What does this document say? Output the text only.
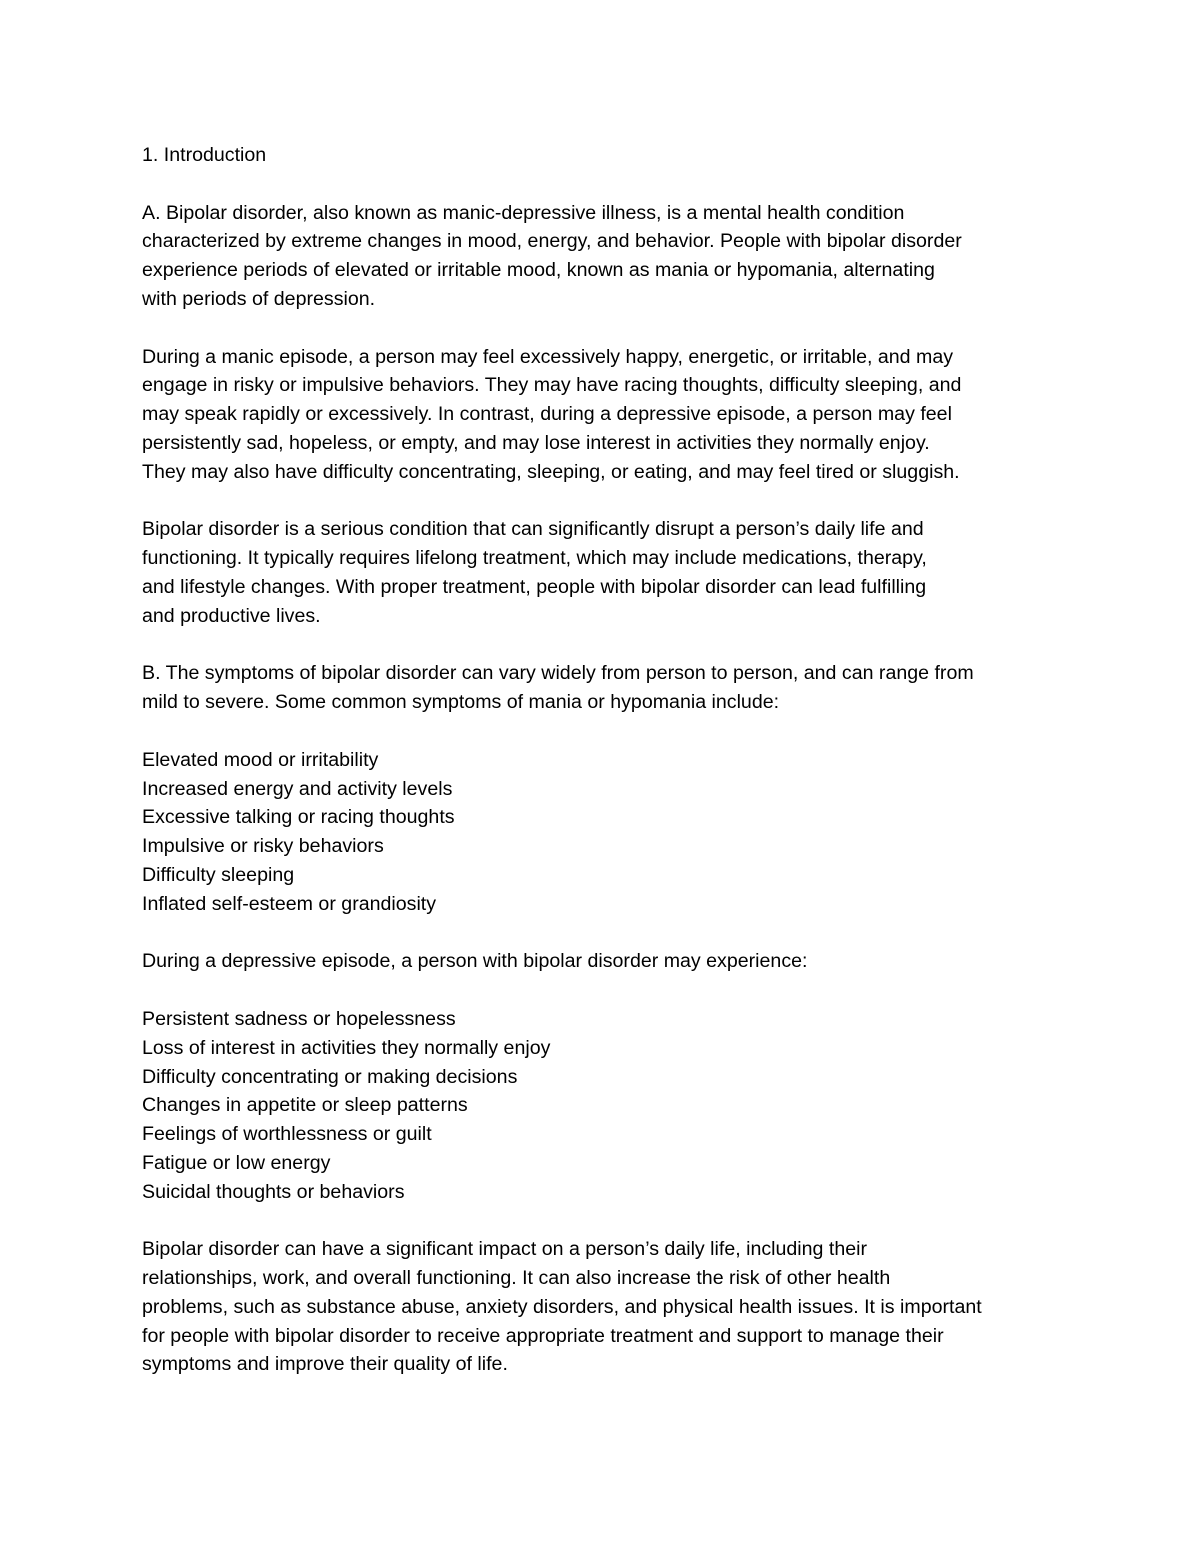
1. Introduction

A. Bipolar disorder, also known as manic-depressive illness, is a mental health condition
characterized by extreme changes in mood, energy, and behavior. People with bipolar disorder
experience periods of elevated or irritable mood, known as mania or hypomania, alternating
with periods of depression.

During a manic episode, a person may feel excessively happy, energetic, or irritable, and may
engage in risky or impulsive behaviors. They may have racing thoughts, difficulty sleeping, and
may speak rapidly or excessively. In contrast, during a depressive episode, a person may feel
persistently sad, hopeless, or empty, and may lose interest in activities they normally enjoy.
They may also have difficulty concentrating, sleeping, or eating, and may feel tired or sluggish.

Bipolar disorder is a serious condition that can significantly disrupt a person’s daily life and
functioning. It typically requires lifelong treatment, which may include medications, therapy,
and lifestyle changes. With proper treatment, people with bipolar disorder can lead fulfilling
and productive lives.

B. The symptoms of bipolar disorder can vary widely from person to person, and can range from
mild to severe. Some common symptoms of mania or hypomania include:

Elevated mood or irritability
Increased energy and activity levels
Excessive talking or racing thoughts
Impulsive or risky behaviors
Difficulty sleeping
Inflated self-esteem or grandiosity

During a depressive episode, a person with bipolar disorder may experience:

Persistent sadness or hopelessness
Loss of interest in activities they normally enjoy
Difficulty concentrating or making decisions
Changes in appetite or sleep patterns
Feelings of worthlessness or guilt
Fatigue or low energy
Suicidal thoughts or behaviors

Bipolar disorder can have a significant impact on a person’s daily life, including their
relationships, work, and overall functioning. It can also increase the risk of other health
problems, such as substance abuse, anxiety disorders, and physical health issues. It is important
for people with bipolar disorder to receive appropriate treatment and support to manage their
symptoms and improve their quality of life.
